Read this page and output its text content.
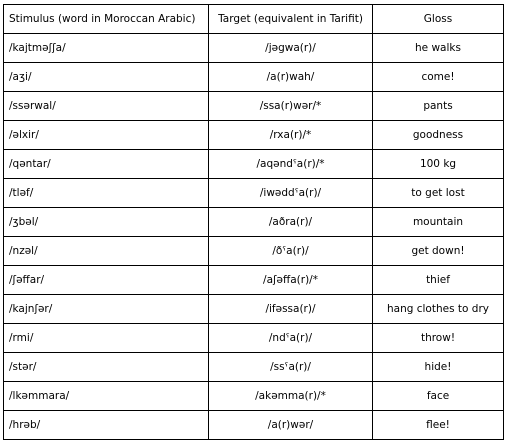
Stimulus (word in Moroccan Arabic)	Target (equivalent in Tarifit)	Gloss
/kajtməʃʃa/	/jəgwa(r)/	he walks
/aʒi/	/a(r)wah/	come!
/ssərwal/	/ssa(r)wər/*	pants
/əlxir/	/rxa(r)/*	goodness
/qəntar/	/aqəndˤa(r)/*	100 kg
/tləf/	/iwəddˤa(r)/	to get lost
/ʒbəl/	/aðra(r)/	mountain
/nzəl/	/ðˤa(r)/	get down!
/ʃəffar/	/aʃəffa(r)/*	thief
/kajnʃər/	/ifəssa(r)/	hang clothes to dry
/rmi/	/ndˤa(r)/	throw!
/stər/	/ssˤa(r)/	hide!
/lkəmmara/	/akəmma(r)/*	face
/hrəb/	/a(r)wər/	flee!
